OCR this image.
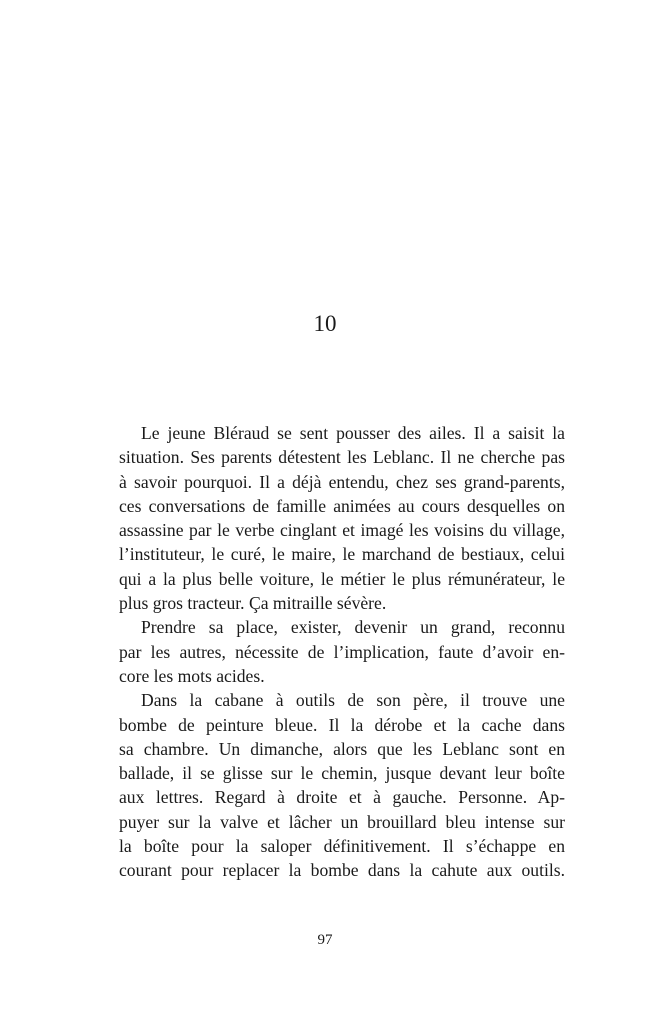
10
Le jeune Bléraud se sent pousser des ailes. Il a saisit la
situation. Ses parents détestent les Leblanc. Il ne cherche pas
à savoir pourquoi. Il a déjà entendu, chez ses grand-parents,
ces conversations de famille animées au cours desquelles on
assassine par le verbe cinglant et imagé les voisins du village,
l’instituteur, le curé, le maire, le marchand de bestiaux, celui
qui a la plus belle voiture, le métier le plus rémunérateur, le
plus gros tracteur. Ça mitraille sévère.
Prendre sa place, exister, devenir un grand, reconnu
par les autres, nécessite de l’implication, faute d’avoir en-
core les mots acides.
Dans la cabane à outils de son père, il trouve une
bombe de peinture bleue. Il la dérobe et la cache dans
sa chambre. Un dimanche, alors que les Leblanc sont en
ballade, il se glisse sur le chemin, jusque devant leur boîte
aux lettres. Regard à droite et à gauche. Personne. Ap-
puyer sur la valve et lâcher un brouillard bleu intense sur
la boîte pour la saloper définitivement. Il s’échappe en
courant pour replacer la bombe dans la cahute aux outils.
97
